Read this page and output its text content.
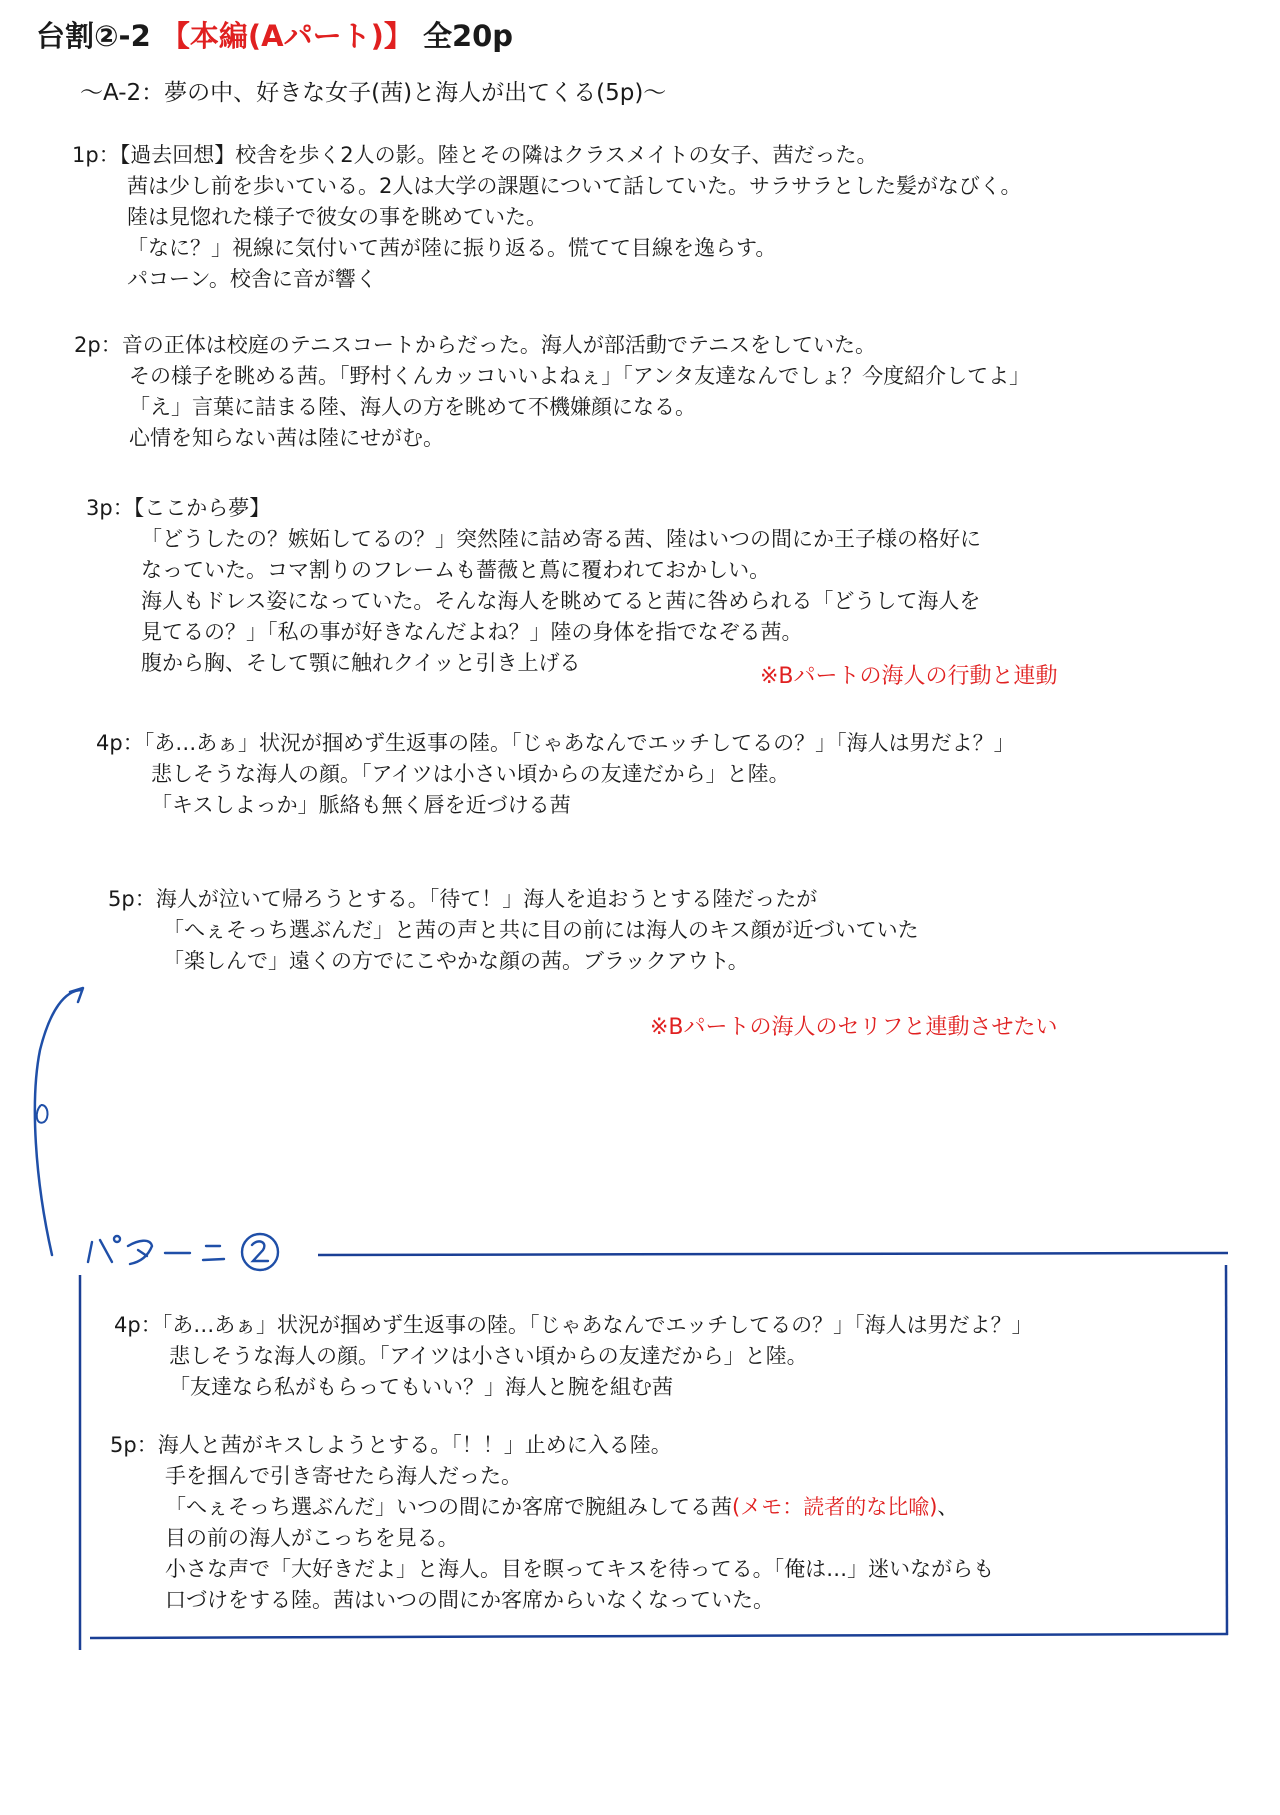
台割②-2 【本編(Aパート)】 全20p
～A-2：夢の中、好きな女子(茜)と海人が出てくる(5p)～
1p：【過去回想】校舎を歩く2人の影。陸とその隣はクラスメイトの女子、茜だった。
茜は少し前を歩いている。2人は大学の課題について話していた。サラサラとした髪がなびく。
陸は見惚れた様子で彼女の事を眺めていた。
「なに？」視線に気付いて茜が陸に振り返る。慌てて目線を逸らす。
パコーン。校舎に音が響く
2p：音の正体は校庭のテニスコートからだった。海人が部活動でテニスをしていた。
その様子を眺める茜。「野村くんカッコいいよねぇ」「アンタ友達なんでしょ？今度紹介してよ」
「え」言葉に詰まる陸、海人の方を眺めて不機嫌顔になる。
心情を知らない茜は陸にせがむ。
3p：【ここから夢】
「どうしたの？嫉妬してるの？」突然陸に詰め寄る茜、陸はいつの間にか王子様の格好に
なっていた。コマ割りのフレームも薔薇と蔦に覆われておかしい。
海人もドレス姿になっていた。そんな海人を眺めてると茜に咎められる「どうして海人を
見てるの？」「私の事が好きなんだよね？」陸の身体を指でなぞる茜。
腹から胸、そして顎に触れクイッと引き上げる
※Bパートの海人の行動と連動
4p：「あ…あぁ」状況が掴めず生返事の陸。「じゃあなんでエッチしてるの？」「海人は男だよ？」
悲しそうな海人の顔。「アイツは小さい頃からの友達だから」と陸。
「キスしよっか」脈絡も無く唇を近づける茜
5p：海人が泣いて帰ろうとする。「待て！」海人を追おうとする陸だったが
「へぇそっち選ぶんだ」と茜の声と共に目の前には海人のキス顔が近づいていた
「楽しんで」遠くの方でにこやかな顔の茜。ブラックアウト。
※Bパートの海人のセリフと連動させたい
4p：「あ…あぁ」状況が掴めず生返事の陸。「じゃあなんでエッチしてるの？」「海人は男だよ？」
悲しそうな海人の顔。「アイツは小さい頃からの友達だから」と陸。
「友達なら私がもらってもいい？」海人と腕を組む茜
5p：海人と茜がキスしようとする。「！！」止めに入る陸。
手を掴んで引き寄せたら海人だった。
「へぇそっち選ぶんだ」いつの間にか客席で腕組みしてる茜(メモ：読者的な比喩)、
目の前の海人がこっちを見る。
小さな声で「大好きだよ」と海人。目を瞑ってキスを待ってる。「俺は…」迷いながらも
口づけをする陸。茜はいつの間にか客席からいなくなっていた。
